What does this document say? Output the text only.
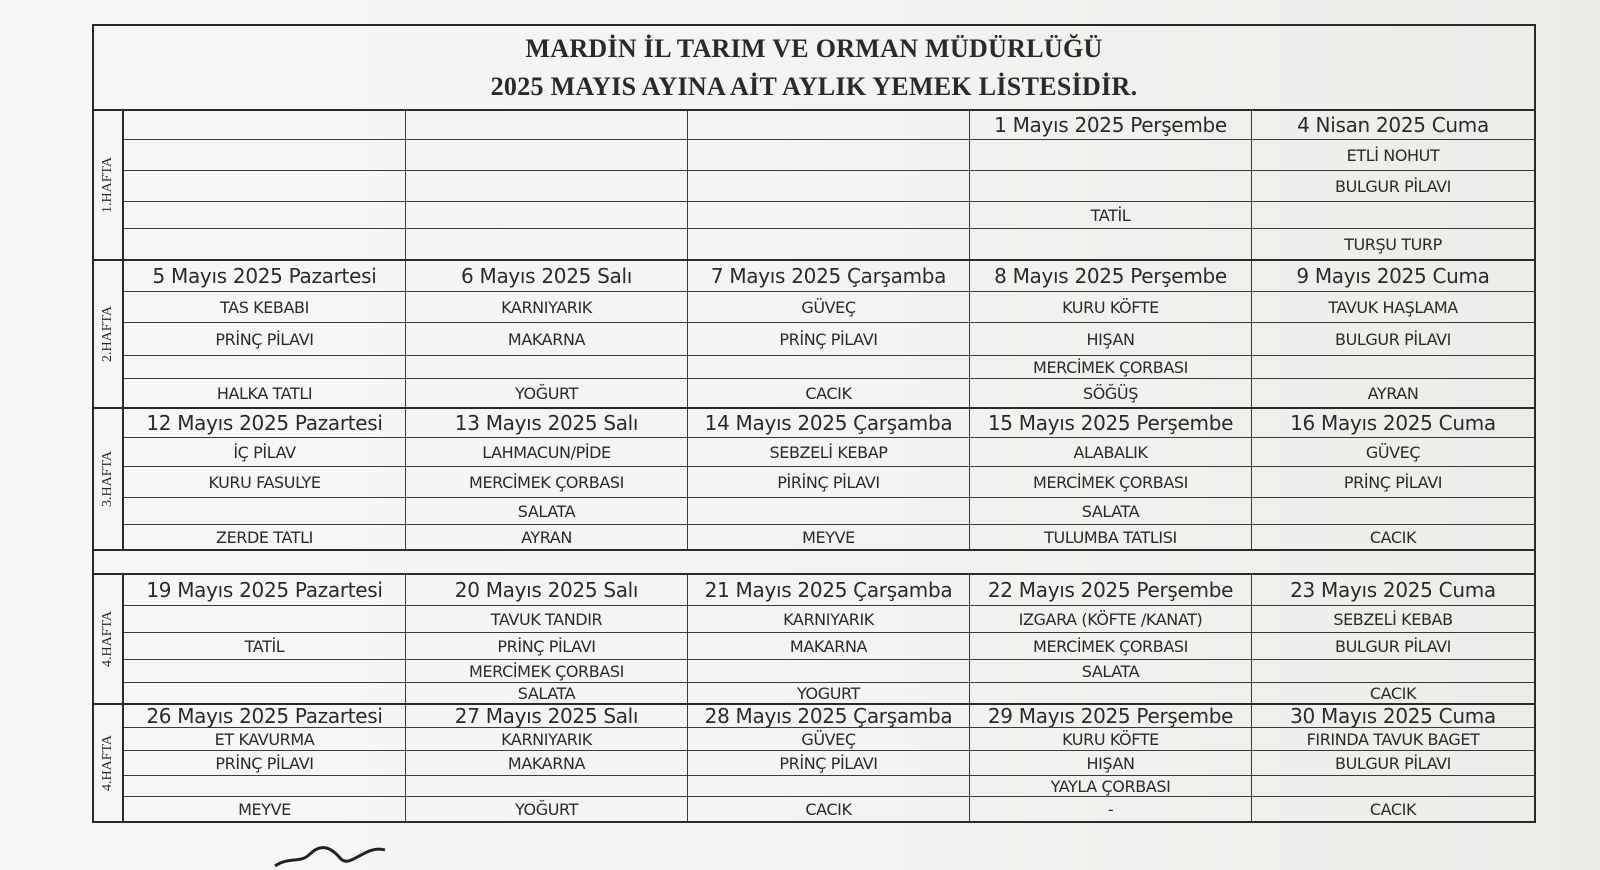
MARDİN İL TARIM VE ORMAN MÜDÜRLÜĞÜ
2025 MAYIS AYINA AİT AYLIK YEMEK LİSTESİDİR.
1.HAFTA
1 Mayıs 2025 Perşembe
TATİL
4 Nisan 2025 Cuma
ETLİ NOHUT
BULGUR PİLAVI
TURŞU TURP
2.HAFTA
5 Mayıs 2025 Pazartesi
TAS KEBABI
PRİNÇ PİLAVI
HALKA TATLI
6 Mayıs 2025 Salı
KARNIYARIK
MAKARNA
YOĞURT
7 Mayıs 2025 Çarşamba
GÜVEÇ
PRİNÇ PİLAVI
CACIK
8 Mayıs 2025 Perşembe
KURU KÖFTE
HIŞAN
MERCİMEK ÇORBASI
SÖĞÜŞ
9 Mayıs 2025 Cuma
TAVUK HAŞLAMA
BULGUR PİLAVI
AYRAN
3.HAFTA
12 Mayıs 2025 Pazartesi
İÇ PİLAV
KURU FASULYE
ZERDE TATLI
13 Mayıs 2025 Salı
LAHMACUN/PİDE
MERCİMEK ÇORBASI
SALATA
AYRAN
14 Mayıs 2025 Çarşamba
SEBZELİ KEBAP
PİRİNÇ PİLAVI
MEYVE
15 Mayıs 2025 Perşembe
ALABALIK
MERCİMEK ÇORBASI
SALATA
TULUMBA TATLISI
16 Mayıs 2025 Cuma
GÜVEÇ
PRİNÇ PİLAVI
CACIK
4.HAFTA
19 Mayıs 2025 Pazartesi
TATİL
20 Mayıs 2025 Salı
TAVUK TANDIR
PRİNÇ PİLAVI
MERCİMEK ÇORBASI
SALATA
21 Mayıs 2025 Çarşamba
KARNIYARIK
MAKARNA
YOGURT
22 Mayıs 2025 Perşembe
IZGARA (KÖFTE /KANAT)
MERCİMEK ÇORBASI
SALATA
23 Mayıs 2025 Cuma
SEBZELİ KEBAB
BULGUR PİLAVI
CACIK
4.HAFTA
26 Mayıs 2025 Pazartesi
ET KAVURMA
PRİNÇ PİLAVI
MEYVE
27 Mayıs 2025 Salı
KARNIYARIK
MAKARNA
YOĞURT
28 Mayıs 2025 Çarşamba
GÜVEÇ
PRİNÇ PİLAVI
CACIK
29 Mayıs 2025 Perşembe
KURU KÖFTE
HIŞAN
YAYLA ÇORBASI
-
30 Mayıs 2025 Cuma
FIRINDA TAVUK BAGET
BULGUR PİLAVI
CACIK
